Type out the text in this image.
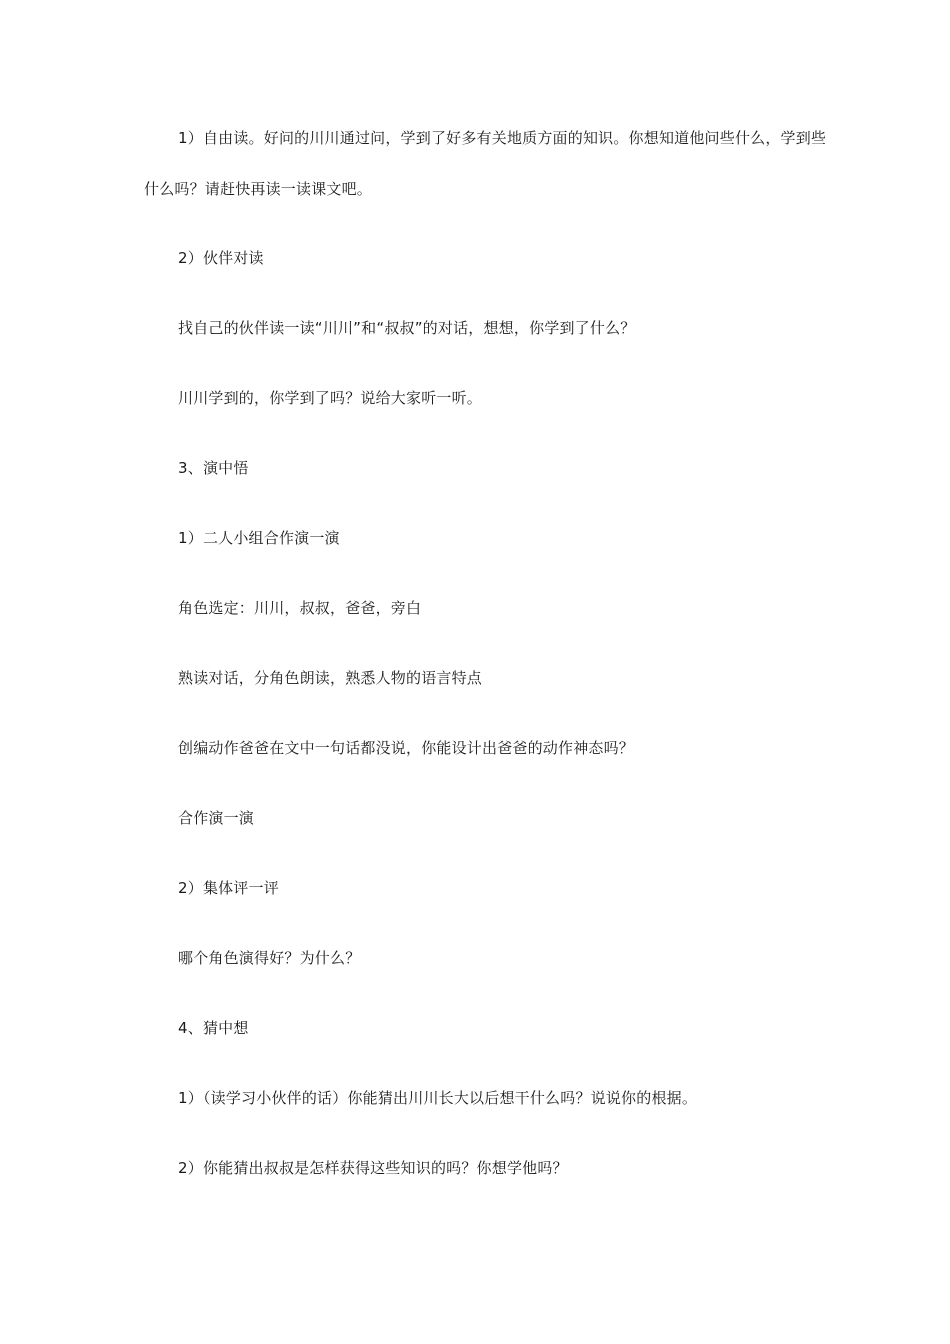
1）自由读。好问的川川通过问，学到了好多有关地质方面的知识。你想知道他问些什么，学到些
什么吗？请赶快再读一读课文吧。
2）伙伴对读
找自己的伙伴读一读“川川”和“叔叔”的对话，想想，你学到了什么？
川川学到的，你学到了吗？说给大家听一听。
3、演中悟
1）二人小组合作演一演
角色选定：川川，叔叔，爸爸，旁白
熟读对话，分角色朗读，熟悉人物的语言特点
创编动作爸爸在文中一句话都没说，你能设计出爸爸的动作神态吗？
合作演一演
2）集体评一评
哪个角色演得好？为什么？
4、猜中想
1）（读学习小伙伴的话）你能猜出川川长大以后想干什么吗？说说你的根据。
2）你能猜出叔叔是怎样获得这些知识的吗？你想学他吗？
